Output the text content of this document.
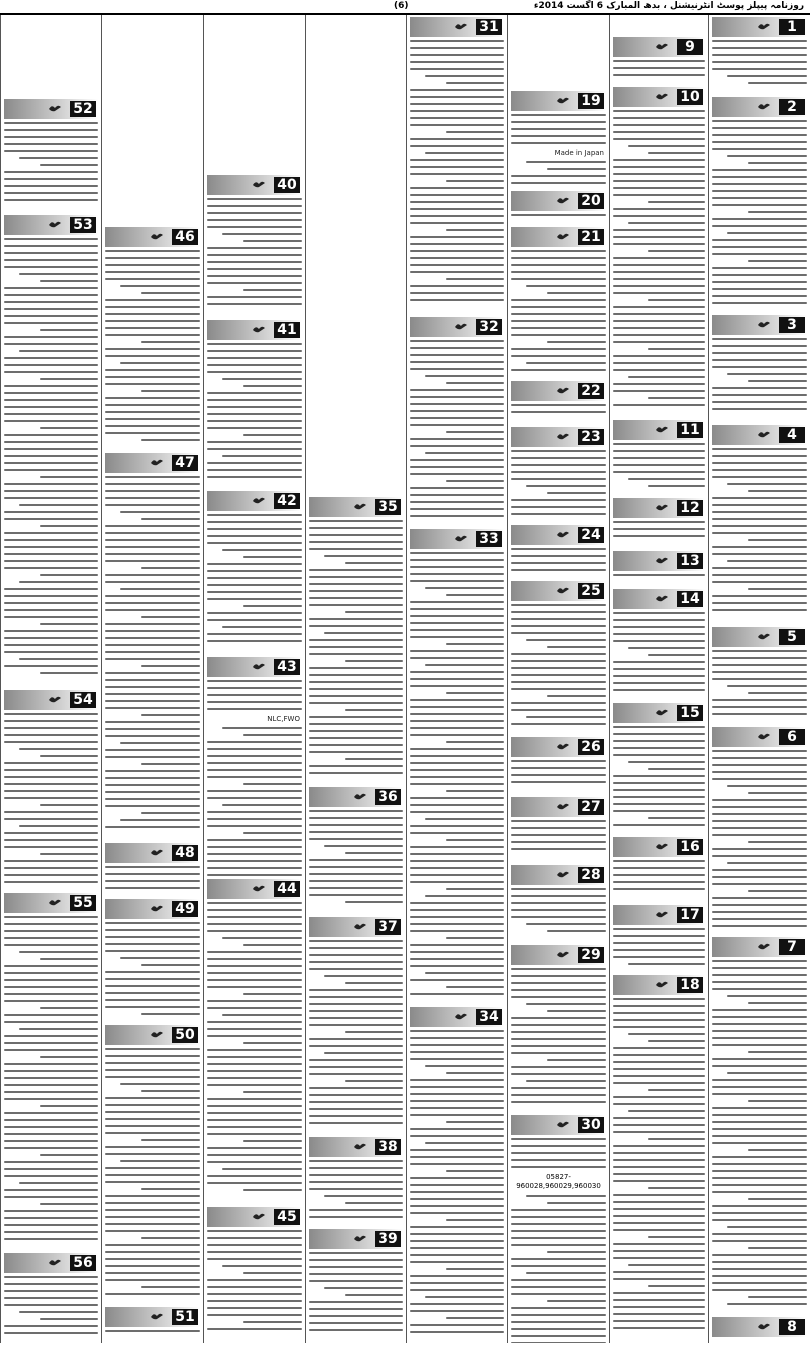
(6)	روزنامہ پیپلز پوسٹ انٹرنیشنل ، بدھ المبارک 6 اگست 2014ء
1
2
3
4
5
6
7
8
9
10
11
12
13
14
15
16
17
18
19
Made in Japan
20
21
22
23
24
25
26
27
28
29
30
05827-960028,960029,960030
31
32
33
34
35
36
37
38
39
40
41
42
43
NLC,FWO
44
45
46
47
48
49
50
51
52
53
54
55
56
